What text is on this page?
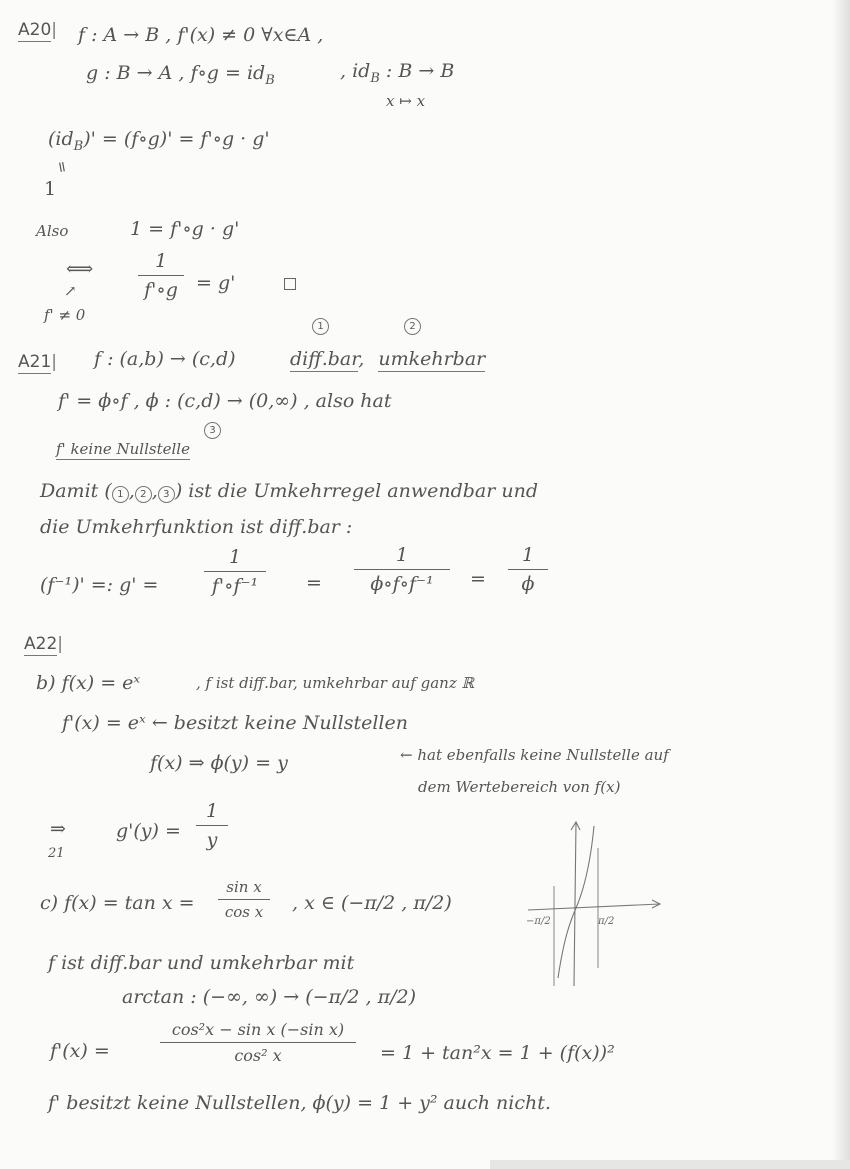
A20| f : A → B , f'(x) ≠ 0 ∀x∈A ,
g : B → A , f∘g = $id_B$	, $id_B$ : B → B
x ↦ x
$(id_B)'$ = (f∘g)' = f'∘g · g'
=
1
Also	1 = f'∘g · g'
⟺	1
f'∘g = g'
↗
f' ≠ 0
A21| f : (a,b) → (c,d)	diff.bar, umkehrbar
1	2
f' = ϕ∘f , ϕ : (c,d) → (0,∞) , also hat
f' keine Nullstelle
3
Damit ( 1 , 2 , 3 ) ist die Umkehrregel anwendbar und
die Umkehrfunktion ist diff.bar :
(f⁻¹)' =: g' =
1
f'∘f⁻¹	=
1
ϕ∘f∘f⁻¹	=
1
ϕ
A22|
b) f(x) = eˣ	, f ist diff.bar, umkehrbar auf ganz ℝ
f'(x) = eˣ ← besitzt keine Nullstellen
f(x) ⇒ ϕ(y) = y	← hat ebenfalls keine Nullstelle auf
dem Wertebereich von f(x)
⇒
21
g'(y) =
1
y
c) f(x) = tan x =
sin x
cos x	, x ∈ (−π/2 , π/2)
−π/2	π/2
f ist diff.bar und umkehrbar mit
arctan : (−∞, ∞) → (−π/2 , π/2)
f'(x) =
cos²x − sin x (−sin x)
cos² x	= 1 + tan²x = 1 + (f(x))²
f' besitzt keine Nullstellen, ϕ(y) = 1 + y² auch nicht.
